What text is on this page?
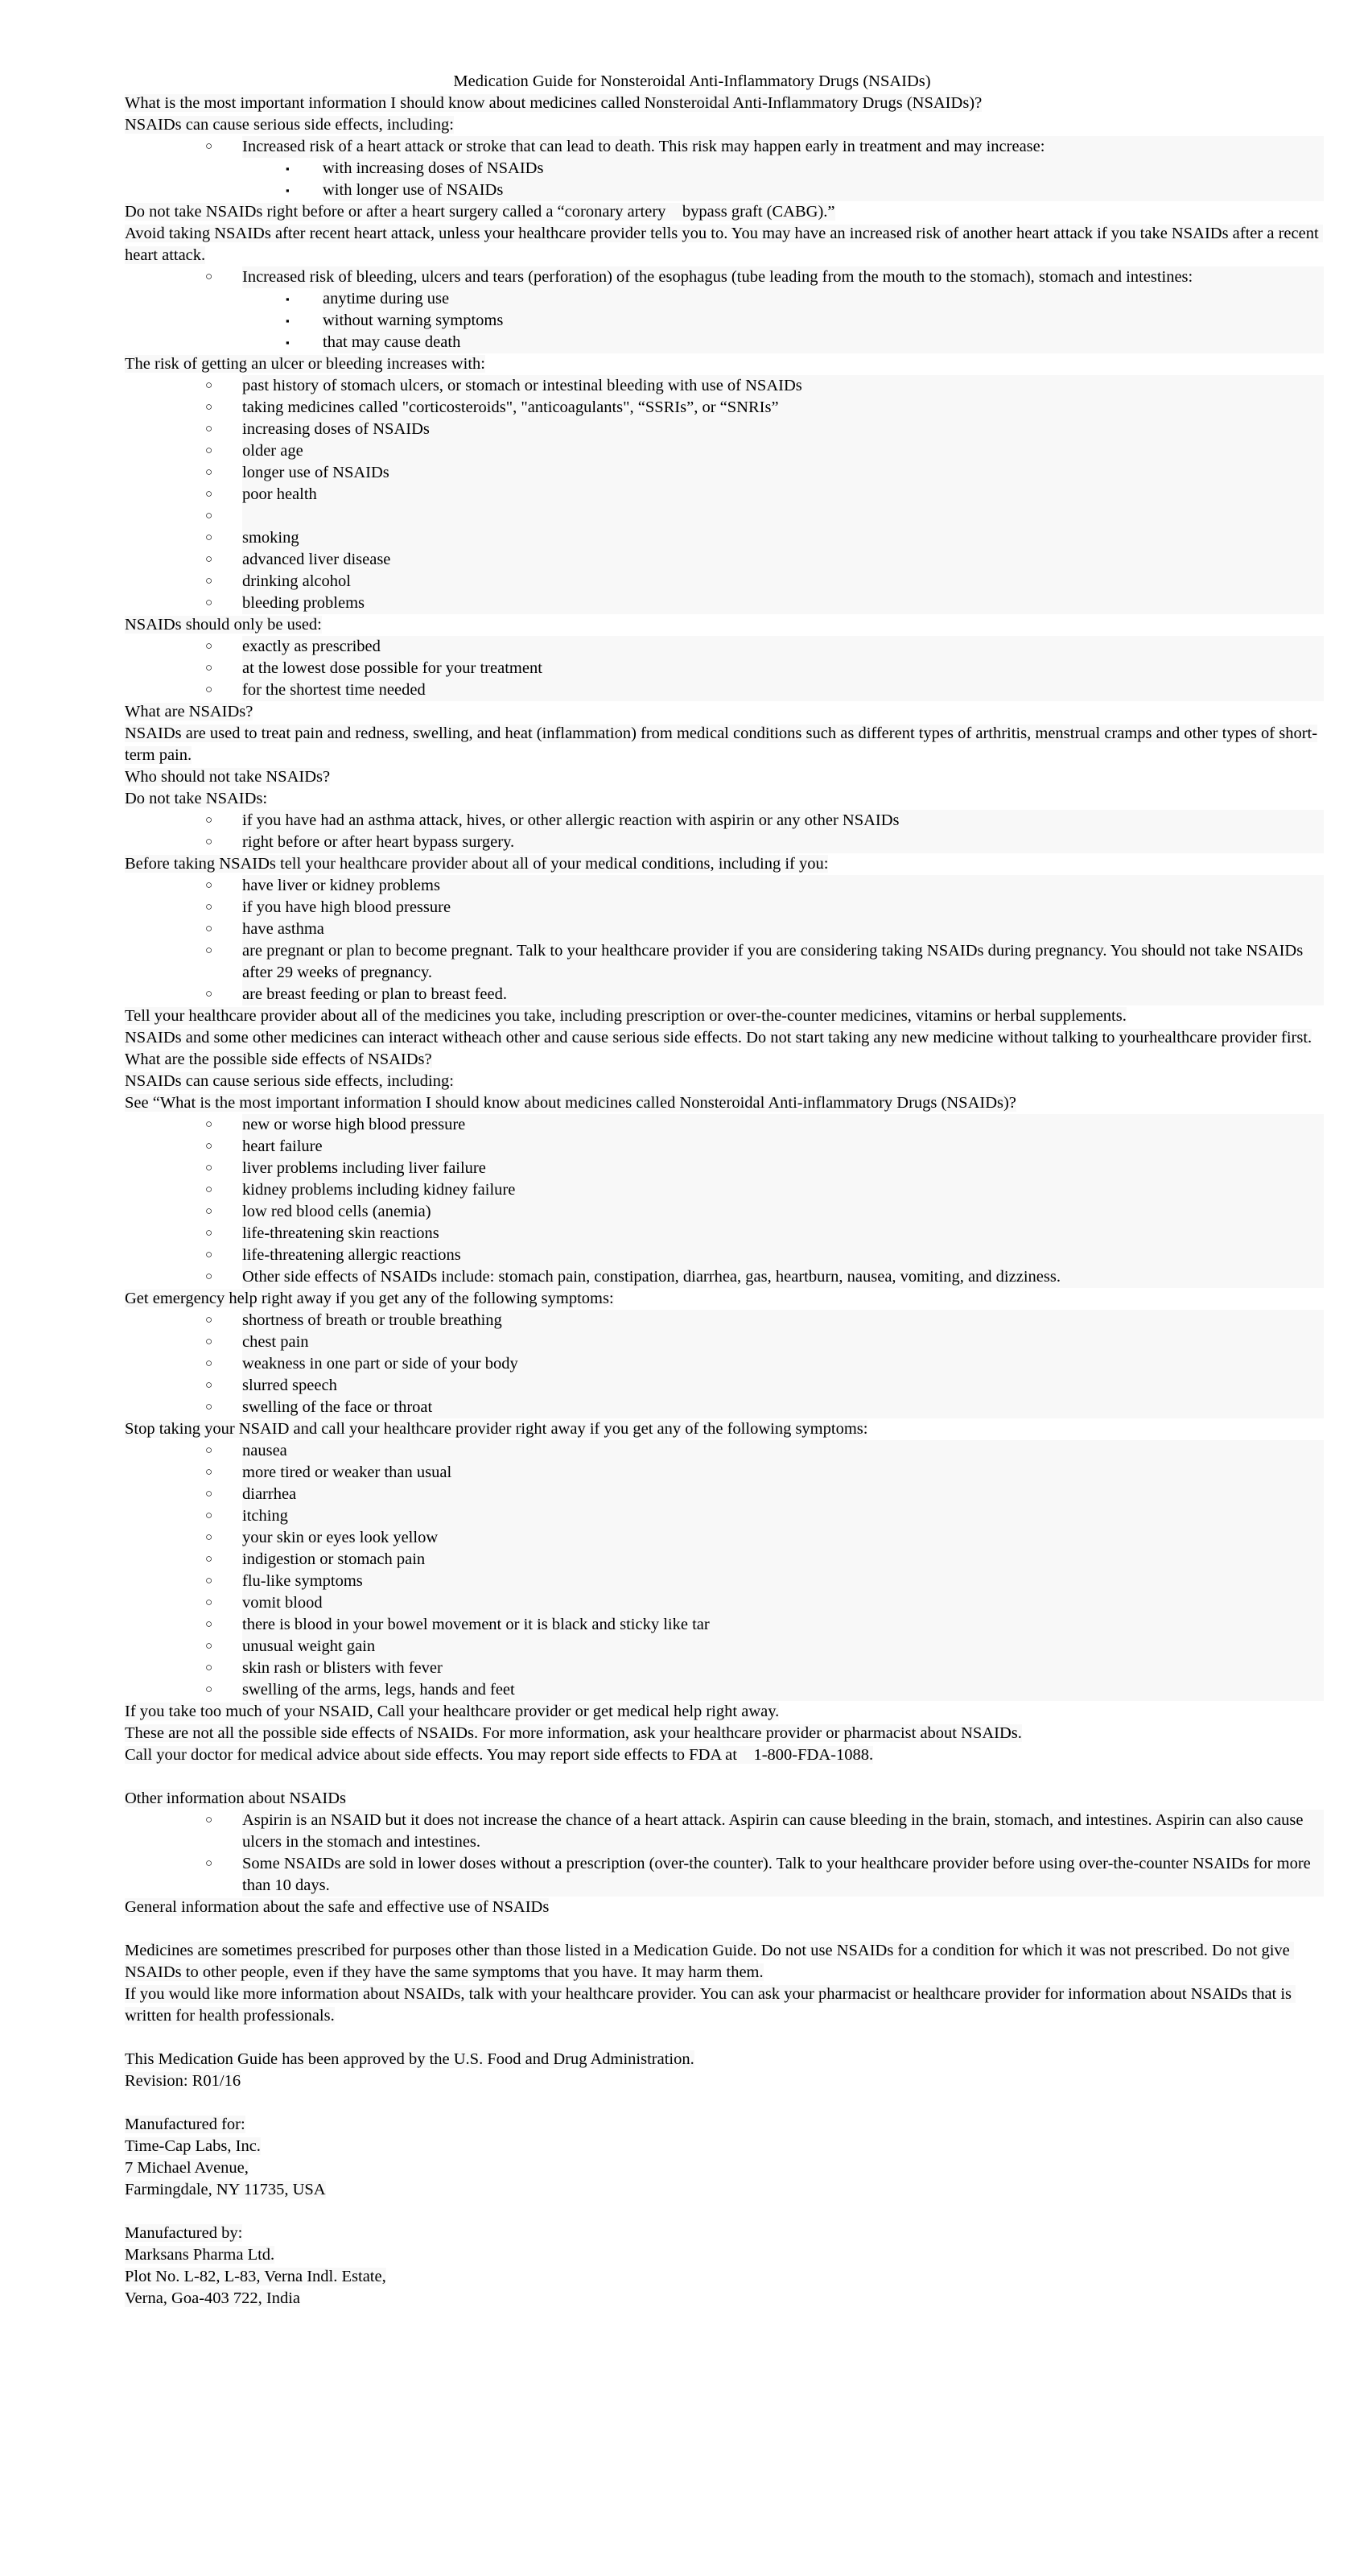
Medication Guide for Nonsteroidal Anti-Inflammatory Drugs (NSAIDs)
What is the most important information I should know about medicines called Nonsteroidal Anti-Inflammatory Drugs (NSAIDs)?
NSAIDs can cause serious side effects, including:
○	Increased risk of a heart attack or stroke that can lead to death. This risk may happen early in treatment and may increase:
▪	with increasing doses of NSAIDs
▪	with longer use of NSAIDs
Do not take NSAIDs right before or after a heart surgery called a “coronary artery    bypass graft (CABG).”
Avoid taking NSAIDs after recent heart attack, unless your healthcare provider tells you to. You may have an increased risk of another heart attack if you take NSAIDs after a recent heart attack.
○	Increased risk of bleeding, ulcers and tears (perforation) of the esophagus (tube leading from the mouth to the stomach), stomach and intestines:
▪	anytime during use
▪	without warning symptoms
▪	that may cause death
The risk of getting an ulcer or bleeding increases with:
○	past history of stomach ulcers, or stomach or intestinal bleeding with use of NSAIDs
○	taking medicines called "corticosteroids", "anticoagulants", “SSRIs”, or “SNRIs”
○	increasing doses of NSAIDs
○	older age
○	longer use of NSAIDs
○	poor health
○
○	smoking
○	advanced liver disease
○	drinking alcohol
○	bleeding problems
NSAIDs should only be used:
○	exactly as prescribed
○	at the lowest dose possible for your treatment
○	for the shortest time needed
What are NSAIDs?
NSAIDs are used to treat pain and redness, swelling, and heat (inflammation) from medical conditions such as different types of arthritis, menstrual cramps and other types of short-term pain.
Who should not take NSAIDs?
Do not take NSAIDs:
○	if you have had an asthma attack, hives, or other allergic reaction with aspirin or any other NSAIDs
○	right before or after heart bypass surgery.
Before taking NSAIDs tell your healthcare provider about all of your medical conditions, including if you:
○	have liver or kidney problems
○	if you have high blood pressure
○	have asthma
○	are pregnant or plan to become pregnant. Talk to your healthcare provider if you are considering taking NSAIDs during pregnancy. You should not take NSAIDs after 29 weeks of pregnancy.
○	are breast feeding or plan to breast feed.
Tell your healthcare provider about all of the medicines you take, including prescription or over-the-counter medicines, vitamins or herbal supplements.
NSAIDs and some other medicines can interact witheach other and cause serious side effects. Do not start taking any new medicine without talking to yourhealthcare provider first.
What are the possible side effects of NSAIDs?
NSAIDs can cause serious side effects, including:
See “What is the most important information I should know about medicines called Nonsteroidal Anti-inflammatory Drugs (NSAIDs)?
○	new or worse high blood pressure
○	heart failure
○	liver problems including liver failure
○	kidney problems including kidney failure
○	low red blood cells (anemia)
○	life-threatening skin reactions
○	life-threatening allergic reactions
○	Other side effects of NSAIDs include: stomach pain, constipation, diarrhea, gas, heartburn, nausea, vomiting, and dizziness.
Get emergency help right away if you get any of the following symptoms:
○	shortness of breath or trouble breathing
○	chest pain
○	weakness in one part or side of your body
○	slurred speech
○	swelling of the face or throat
Stop taking your NSAID and call your healthcare provider right away if you get any of the following symptoms:
○	nausea
○	more tired or weaker than usual
○	diarrhea
○	itching
○	your skin or eyes look yellow
○	indigestion or stomach pain
○	flu-like symptoms
○	vomit blood
○	there is blood in your bowel movement or it is black and sticky like tar
○	unusual weight gain
○	skin rash or blisters with fever
○	swelling of the arms, legs, hands and feet
If you take too much of your NSAID, Call your healthcare provider or get medical help right away.
These are not all the possible side effects of NSAIDs. For more information, ask your healthcare provider or pharmacist about NSAIDs.
Call your doctor for medical advice about side effects. You may report side effects to FDA at    1-800-FDA-1088.
Other information about NSAIDs
○	Aspirin is an NSAID but it does not increase the chance of a heart attack. Aspirin can cause bleeding in the brain, stomach, and intestines. Aspirin can also cause ulcers in the stomach and intestines.
○	Some NSAIDs are sold in lower doses without a prescription (over-the counter). Talk to your healthcare provider before using over-the-counter NSAIDs for more than 10 days.
General information about the safe and effective use of NSAIDs
Medicines are sometimes prescribed for purposes other than those listed in a Medication Guide. Do not use NSAIDs for a condition for which it was not prescribed. Do not give NSAIDs to other people, even if they have the same symptoms that you have. It may harm them.
If you would like more information about NSAIDs, talk with your healthcare provider. You can ask your pharmacist or healthcare provider for information about NSAIDs that is written for health professionals.
This Medication Guide has been approved by the U.S. Food and Drug Administration.
Revision: R01/16
Manufactured for:
Time-Cap Labs, Inc.
7 Michael Avenue,
Farmingdale, NY 11735, USA
Manufactured by:
Marksans Pharma Ltd.
Plot No. L-82, L-83, Verna Indl. Estate,
Verna, Goa-403 722, India
